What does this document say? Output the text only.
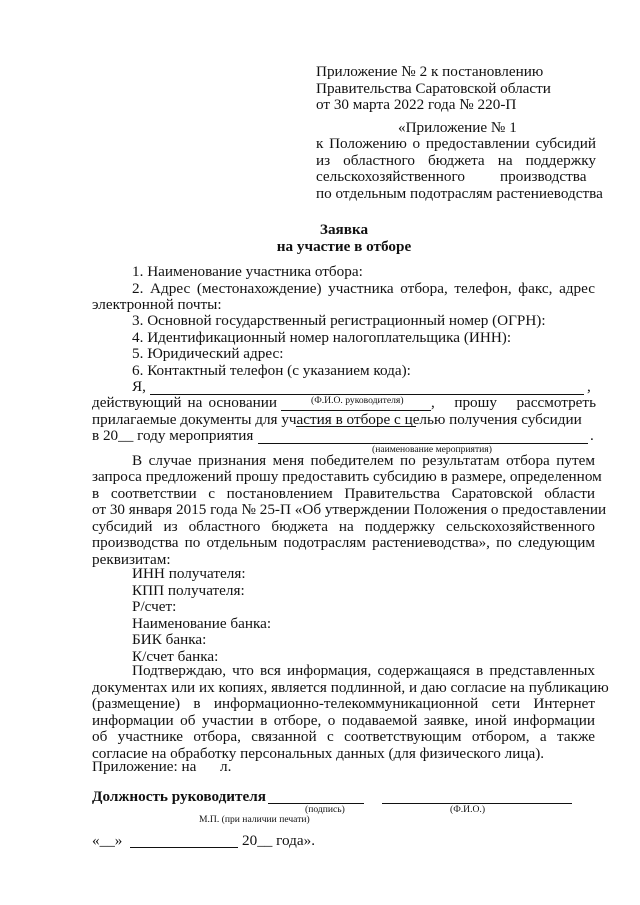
Приложение № 2 к постановлению
Правительства Саратовской области
от 30 марта 2022 года № 220-П
«Приложение № 1
к Положению о предоставлении субсидий
из областного бюджета на поддержку
сельскохозяйственного производства
по отдельным подотраслям растениеводства
Заявка
на участие в отборе
1. Наименование участника отбора:
2. Адрес (местонахождение) участника отбора, телефон, факс, адрес
электронной почты:
3. Основной государственный регистрационный номер (ОГРН):
4. Идентификационный номер налогоплательщика (ИНН):
5. Юридический адрес:
6. Контактный телефон (с указанием кода):
Я,	,
(Ф.И.О. руководителя)
действующий на основании	, прошу рассмотреть
прилагаемые документы для участия в отборе с целью получения субсидии
в 20__ году мероприятия	.
(наименование мероприятия)
В случае признания меня победителем по результатам отбора путем
запроса предложений прошу предоставить субсидию в размере, определенном
в соответствии с постановлением Правительства Саратовской области
от 30 января 2015 года № 25-П «Об утверждении Положения о предоставлении
субсидий из областного бюджета на поддержку сельскохозяйственного
производства по отдельным подотраслям растениеводства», по следующим
реквизитам:
ИНН получателя:
КПП получателя:
Р/счет:
Наименование банка:
БИК банка:
К/счет банка:
Подтверждаю, что вся информация, содержащаяся в представленных
документах или их копиях, является подлинной, и даю согласие на публикацию
(размещение) в информационно-телекоммуникационной сети Интернет
информации об участии в отборе, о подаваемой заявке, иной информации
об участнике отбора, связанной с соответствующим отбором, а также
согласие на обработку персональных данных (для физического лица).
Приложение: на л.
Должность руководителя
(подпись)	(Ф.И.О.)
М.П. (при наличии печати)
«__»	20__ года».
